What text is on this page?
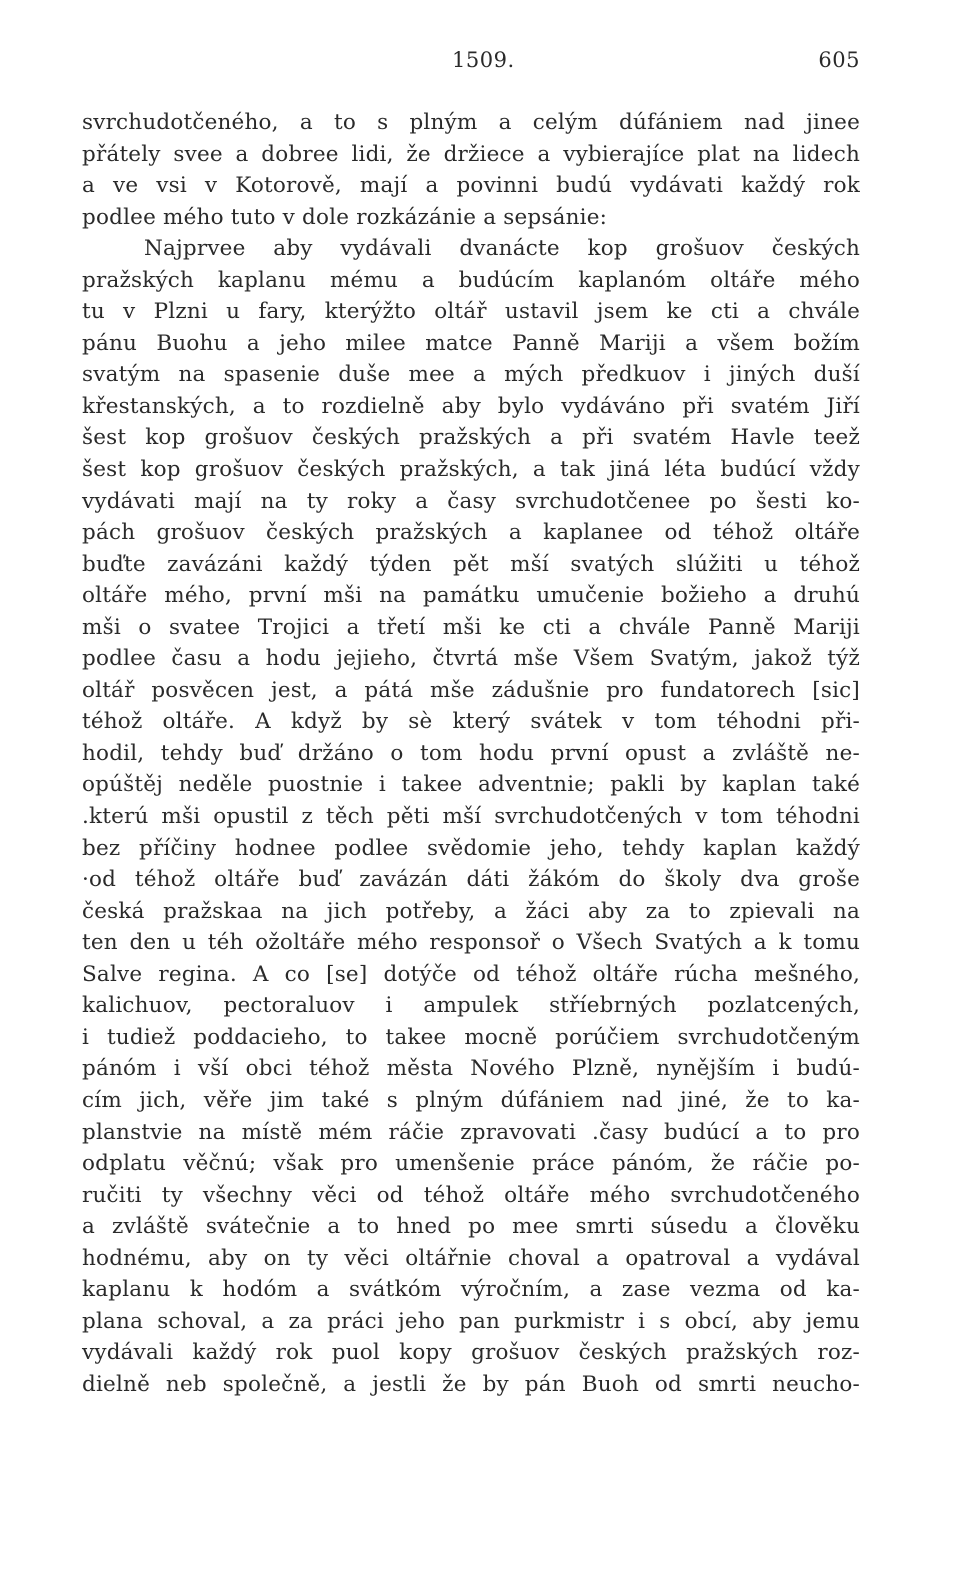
1509.	605
svrchudotčeného, a to s plným a celým dúfániem nad jinee
přátely svee a dobree lidi, že držiece a vybierajíce plat na lidech
a ve vsi v Kotorově, mají a povinni budú vydávati každý rok
podlee mého tuto v dole rozkázánie a sepsánie:
Najprvee aby vydávali dvanácte kop grošuov českých
pražských kaplanu mému a budúcím kaplanóm oltáře mého
tu v Plzni u fary, kterýžto oltář ustavil jsem ke cti a chvále
pánu Buohu a jeho milee matce Panně Mariji a všem božím
svatým na spasenie duše mee a mých předkuov i jiných duší
křestanských, a to rozdielně aby bylo vydáváno při svatém Jiří
šest kop grošuov českých pražských a při svatém Havle teež
šest kop grošuov českých pražských, a tak jiná léta budúcí vždy
vydávati mají na ty roky a časy svrchudotčenee po šesti ko-
pách grošuov českých pražských a kaplanee od téhož oltáře
buďte zavázáni každý týden pět mší svatých slúžiti u téhož
oltáře mého, první mši na památku umučenie božieho a druhú
mši o svatee Trojici a třetí mši ke cti a chvále Panně Mariji
podlee času a hodu jejieho, čtvrtá mše Všem Svatým, jakož týž
oltář posvěcen jest, a pátá mše zádušnie pro fundatorech [sic]
téhož oltáře. A když by sè který svátek v tom téhodni při-
hodil, tehdy buď držáno o tom hodu první opust a zvláště ne-
opúštěj neděle puostnie i takee adventnie; pakli by kaplan také
.kterú mši opustil z těch pěti mší svrchudotčených v tom téhodni
bez příčiny hodnee podlee svědomie jeho, tehdy kaplan každý
·od téhož oltáře buď zavázán dáti žákóm do školy dva groše
česká pražskaa na jich potřeby, a žáci aby za to zpievali na
ten den u téh ožoltáře mého responsoř o Všech Svatých a k tomu
Salve regina. A co [se] dotýče od téhož oltáře rúcha mešného,
kalichuov, pectoraluov i ampulek stříebrných pozlatcených,
i tudiež poddacieho, to takee mocně porúčiem svrchudotčeným
pánóm i vší obci téhož města Nového Plzně, nynějším i budú-
cím jich, věře jim také s plným dúfániem nad jiné, že to ka-
planstvie na místě mém ráčie zpravovati .časy budúcí a to pro
odplatu věčnú; však pro umenšenie práce pánóm, že ráčie po-
ručiti ty všechny věci od téhož oltáře mého svrchudotčeného
a zvláště svátečnie a to hned po mee smrti súsedu a člověku
hodnému, aby on ty věci oltářnie choval a opatroval a vydával
kaplanu k hodóm a svátkóm výročním, a zase vezma od ka-
plana schoval, a za práci jeho pan purkmistr i s obcí, aby jemu
vydávali každý rok puol kopy grošuov českých pražských roz-
dielně neb společně, a jestli že by pán Buoh od smrti neucho-
